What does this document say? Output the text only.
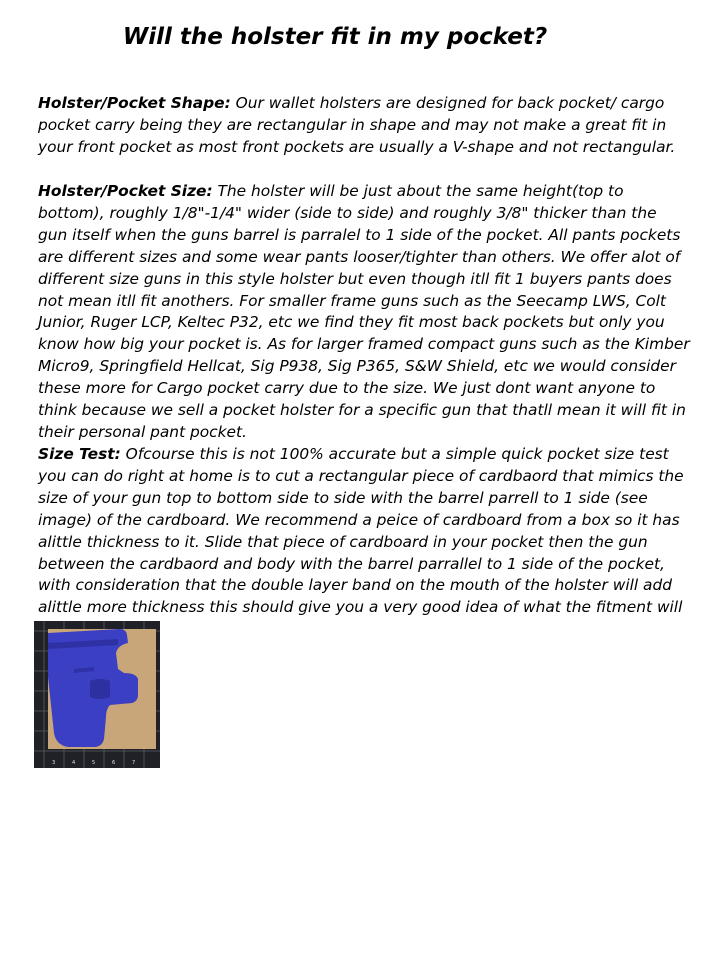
Will the holster fit in my pocket?

Holster/Pocket Shape: Our wallet holsters are designed for back pocket/ cargo pocket carry being they are rectangular in shape and may not make a great fit in your front pocket as most front pockets are usually a V-shape and not rectangular.

Holster/Pocket Size: The holster will be just about the same height(top to bottom), roughly 1/8"-1/4" wider (side to side) and roughly 3/8" thicker than the gun itself when the guns barrel is parralel to 1 side of the pocket. All pants pockets are different sizes and some wear pants looser/tighter than others. We offer alot of different size guns in this style holster but even though itll fit 1 buyers pants does not mean itll fit anothers. For smaller frame guns such as the Seecamp LWS, Colt Junior, Ruger LCP, Keltec P32, etc we find they fit most back pockets but only you know how big your pocket is. As for larger framed compact guns such as the Kimber Micro9, Springfield Hellcat, Sig P938, Sig P365, S&W Shield, etc we would consider these more for Cargo pocket carry due to the size. We just dont want anyone to think because we sell a pocket holster for a specific gun that thatll mean it will fit in their personal pant pocket.

Size Test: Ofcourse this is not 100% accurate but a simple quick pocket size test you can do right at home is to cut a rectangular piece of cardbaord that mimics the size of your gun top to bottom side to side with the barrel parrell to 1 side (see image) of the cardboard. We recommend a peice of cardboard from a box so it has alittle thickness to it. Slide that piece of cardboard in your pocket then the gun between the cardbaord and body with the barrel parrallel to 1 side of the pocket, with consideration that the double layer band on the mouth of the holster will add alittle more thickness this should give you a very good idea of what the fitment will

3	4	5	6	7
